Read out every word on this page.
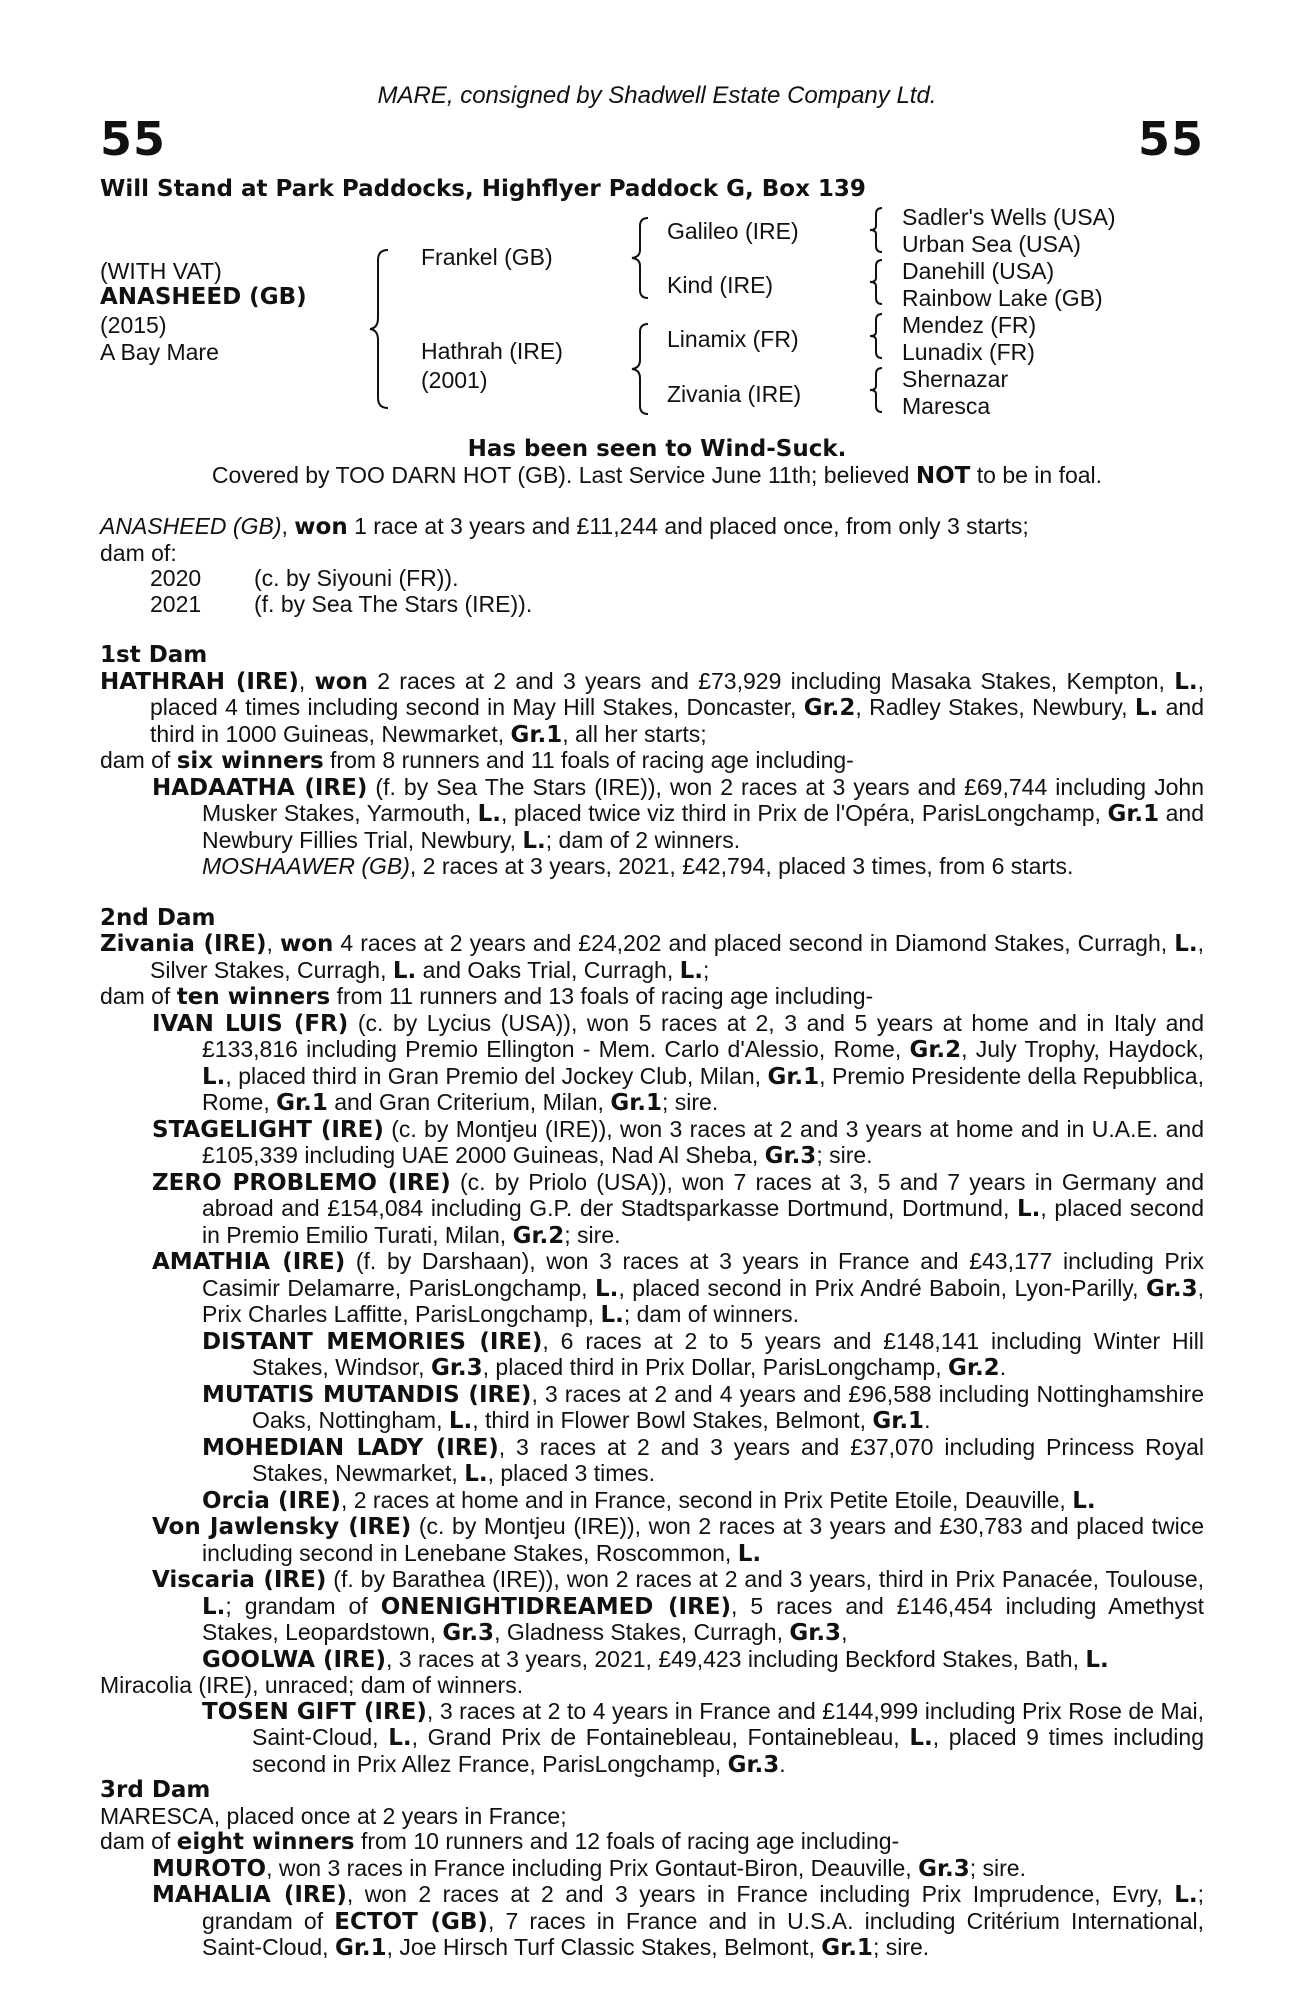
MARE, consigned by Shadwell Estate Company Ltd.
55	55
Will Stand at Park Paddocks, Highflyer Paddock G, Box 139
(WITH VAT)
ANASHEED (GB)
(2015)
A Bay Mare
Frankel (GB)
Hathrah (IRE)
(2001)
Galileo (IRE)
Kind (IRE)
Linamix (FR)
Zivania (IRE)
Sadler's Wells (USA)
Urban Sea (USA)
Danehill (USA)
Rainbow Lake (GB)
Mendez (FR)
Lunadix (FR)
Shernazar
Maresca
Has been seen to Wind-Suck.
Covered by TOO DARN HOT (GB). Last Service June 11th; believed NOT to be in foal.

ANASHEED (GB), won 1 race at 3 years and £11,244 and placed once, from only 3 starts;

dam of:

2020 (c. by Siyouni (FR)).

2021 (f. by Sea The Stars (IRE)).

1st Dam

HATHRAH (IRE), won 2 races at 2 and 3 years and £73,929 including Masaka Stakes, Kempton, L., placed 4 times including second in May Hill Stakes, Doncaster, Gr.2, Radley Stakes, Newbury, L. and third in 1000 Guineas, Newmarket, Gr.1, all her starts;

dam of six winners from 8 runners and 11 foals of racing age including-

HADAATHA (IRE) (f. by Sea The Stars (IRE)), won 2 races at 3 years and £69,744 including John Musker Stakes, Yarmouth, L., placed twice viz third in Prix de l'Opéra, ParisLongchamp, Gr.1 and Newbury Fillies Trial, Newbury, L.; dam of 2 winners.

MOSHAAWER (GB), 2 races at 3 years, 2021, £42,794, placed 3 times, from 6 starts.

2nd Dam

Zivania (IRE), won 4 races at 2 years and £24,202 and placed second in Diamond Stakes, Curragh, L., Silver Stakes, Curragh, L. and Oaks Trial, Curragh, L.;

dam of ten winners from 11 runners and 13 foals of racing age including-

IVAN LUIS (FR) (c. by Lycius (USA)), won 5 races at 2, 3 and 5 years at home and in Italy and £133,816 including Premio Ellington - Mem. Carlo d'Alessio, Rome, Gr.2, July Trophy, Haydock, L., placed third in Gran Premio del Jockey Club, Milan, Gr.1, Premio Presidente della Repubblica, Rome, Gr.1 and Gran Criterium, Milan, Gr.1; sire.

STAGELIGHT (IRE) (c. by Montjeu (IRE)), won 3 races at 2 and 3 years at home and in U.A.E. and £105,339 including UAE 2000 Guineas, Nad Al Sheba, Gr.3; sire.

ZERO PROBLEMO (IRE) (c. by Priolo (USA)), won 7 races at 3, 5 and 7 years in Germany and abroad and £154,084 including G.P. der Stadtsparkasse Dortmund, Dortmund, L., placed second in Premio Emilio Turati, Milan, Gr.2; sire.

AMATHIA (IRE) (f. by Darshaan), won 3 races at 3 years in France and £43,177 including Prix Casimir Delamarre, ParisLongchamp, L., placed second in Prix André Baboin, Lyon-Parilly, Gr.3, Prix Charles Laffitte, ParisLongchamp, L.; dam of winners.

DISTANT MEMORIES (IRE), 6 races at 2 to 5 years and £148,141 including Winter Hill Stakes, Windsor, Gr.3, placed third in Prix Dollar, ParisLongchamp, Gr.2.

MUTATIS MUTANDIS (IRE), 3 races at 2 and 4 years and £96,588 including Nottinghamshire Oaks, Nottingham, L., third in Flower Bowl Stakes, Belmont, Gr.1.

MOHEDIAN LADY (IRE), 3 races at 2 and 3 years and £37,070 including Princess Royal Stakes, Newmarket, L., placed 3 times.

Orcia (IRE), 2 races at home and in France, second in Prix Petite Etoile, Deauville, L.

Von Jawlensky (IRE) (c. by Montjeu (IRE)), won 2 races at 3 years and £30,783 and placed twice including second in Lenebane Stakes, Roscommon, L.

Viscaria (IRE) (f. by Barathea (IRE)), won 2 races at 2 and 3 years, third in Prix Panacée, Toulouse, L.; grandam of ONENIGHTIDREAMED (IRE), 5 races and £146,454 including Amethyst Stakes, Leopardstown, Gr.3, Gladness Stakes, Curragh, Gr.3,

GOOLWA (IRE), 3 races at 3 years, 2021, £49,423 including Beckford Stakes, Bath, L.

Miracolia (IRE), unraced; dam of winners.

TOSEN GIFT (IRE), 3 races at 2 to 4 years in France and £144,999 including Prix Rose de Mai, Saint-Cloud, L., Grand Prix de Fontainebleau, Fontainebleau, L., placed 9 times including second in Prix Allez France, ParisLongchamp, Gr.3.

3rd Dam

MARESCA, placed once at 2 years in France;

dam of eight winners from 10 runners and 12 foals of racing age including-

MUROTO, won 3 races in France including Prix Gontaut-Biron, Deauville, Gr.3; sire.

MAHALIA (IRE), won 2 races at 2 and 3 years in France including Prix Imprudence, Evry, L.; grandam of ECTOT (GB), 7 races in France and in U.S.A. including Critérium International, Saint-Cloud, Gr.1, Joe Hirsch Turf Classic Stakes, Belmont, Gr.1; sire.
